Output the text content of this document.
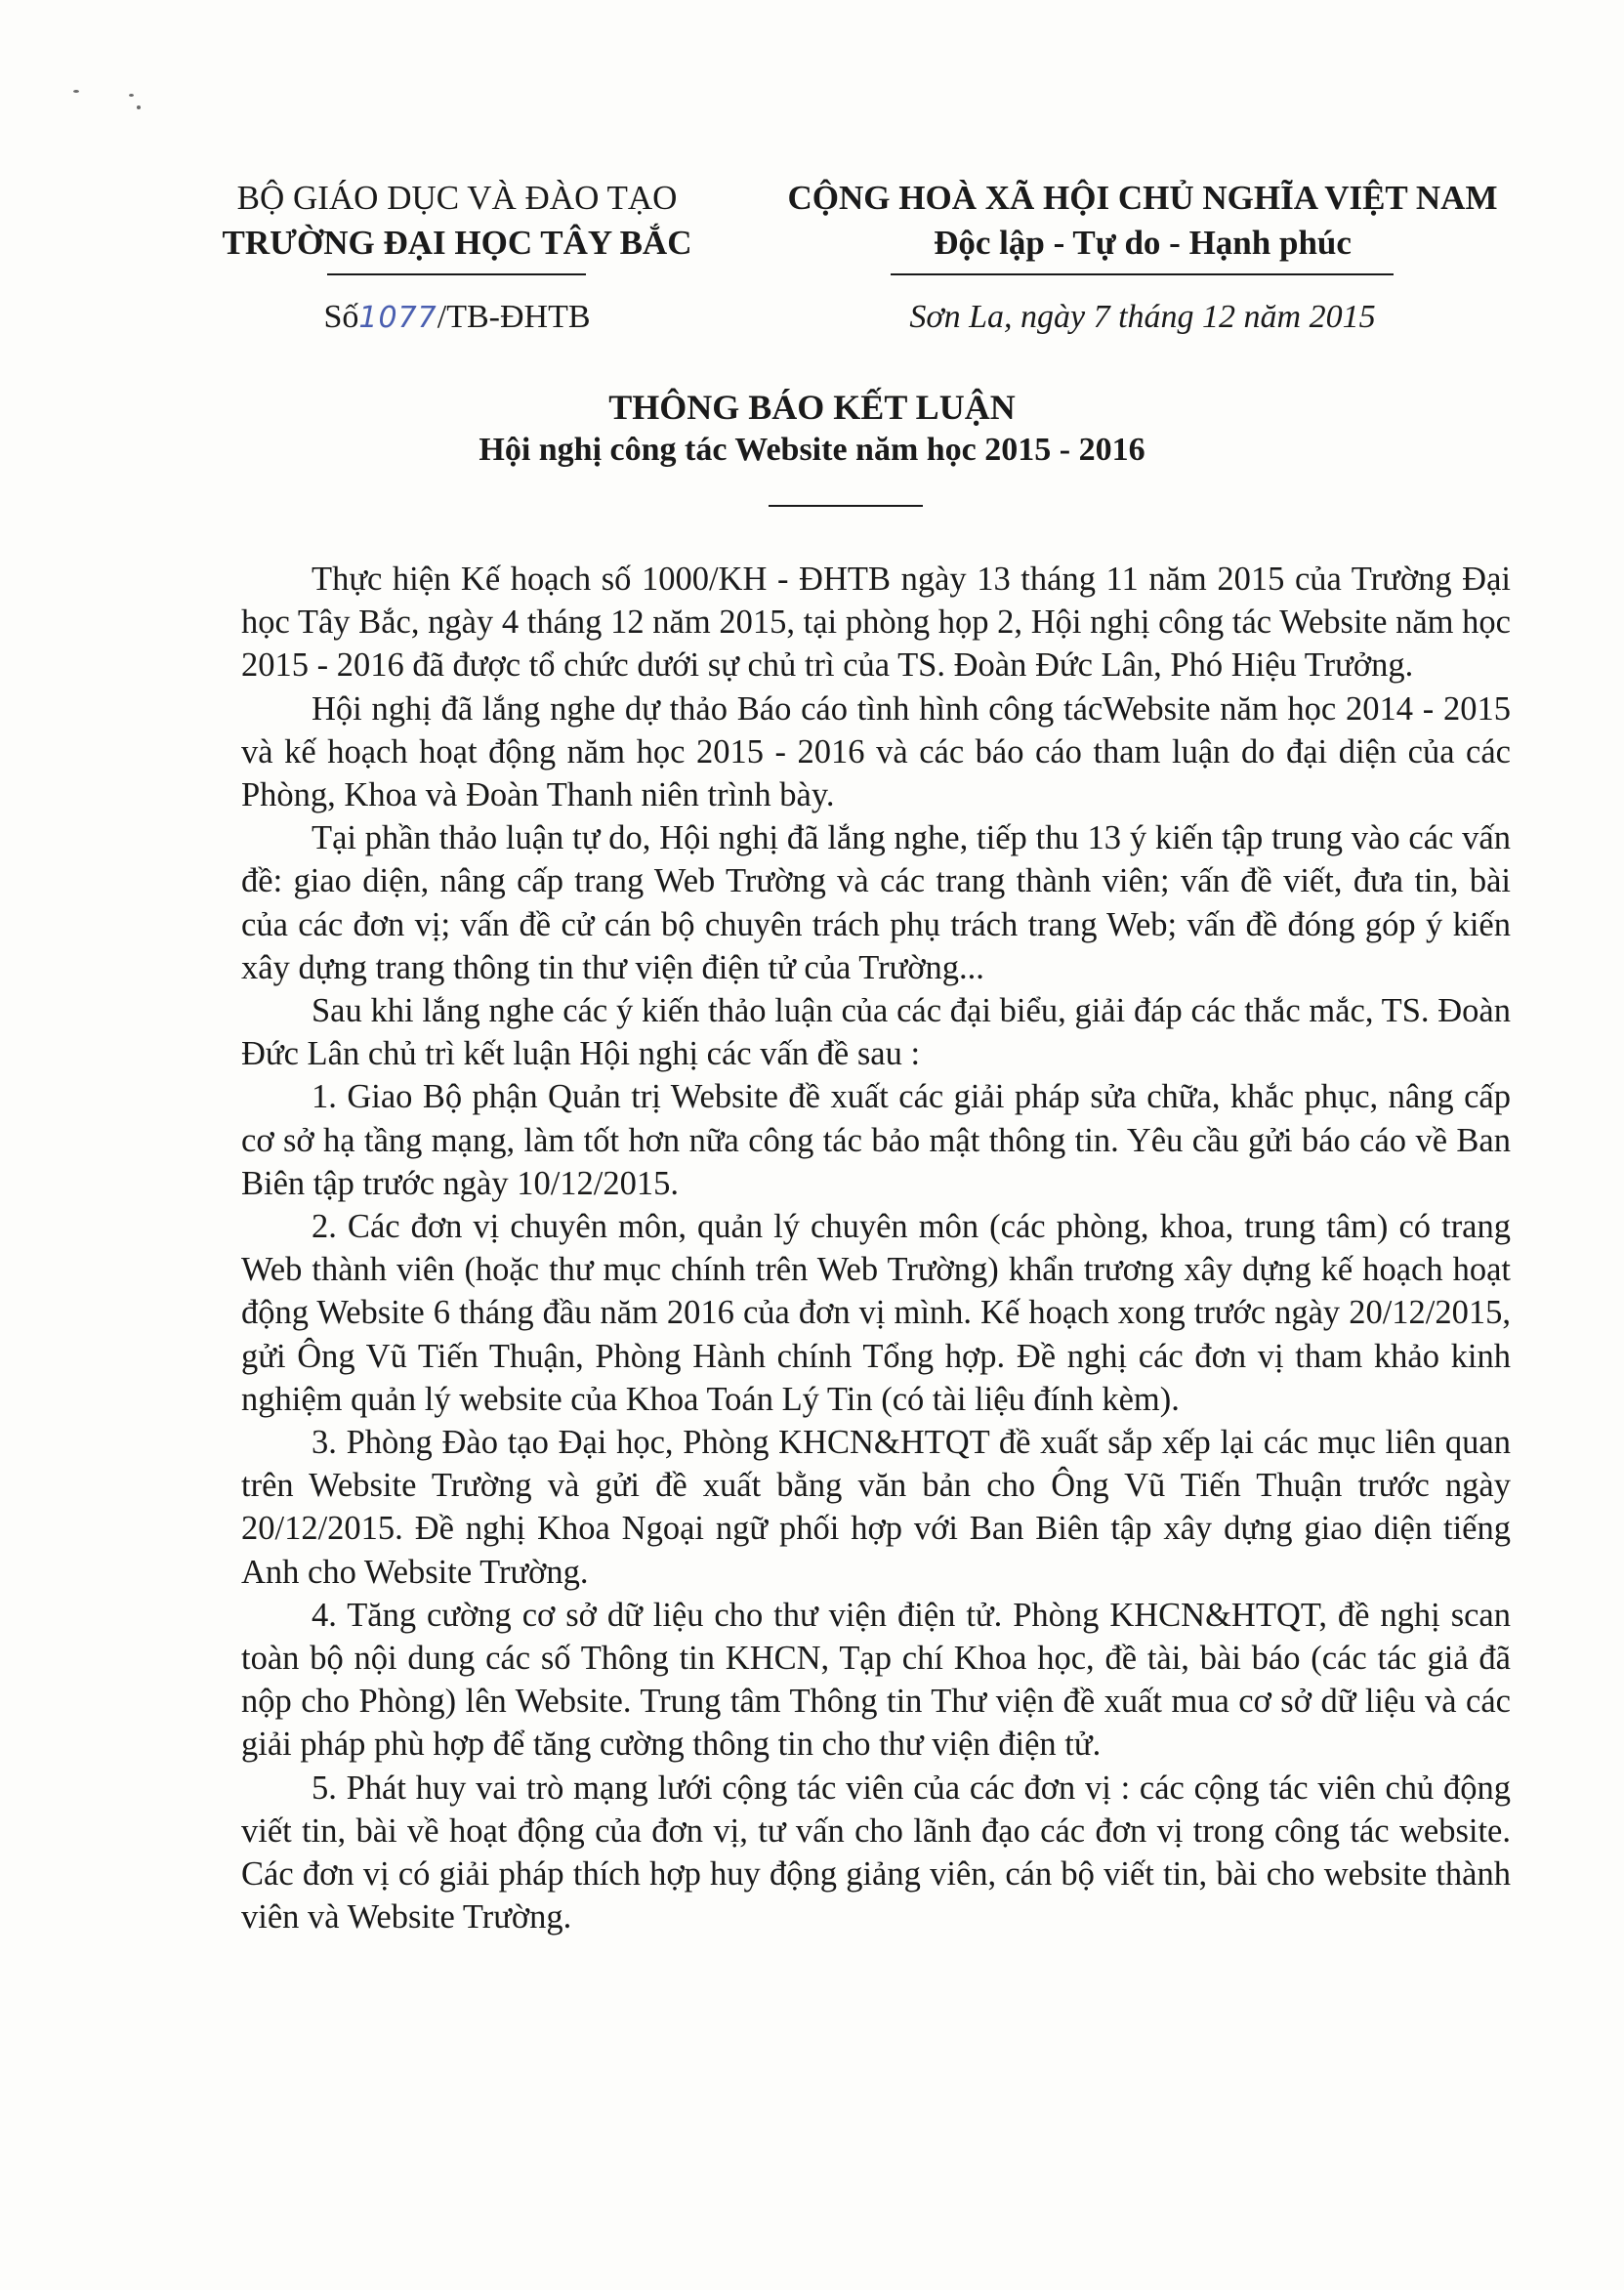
BỘ GIÁO DỤC VÀ ĐÀO TẠO
TRƯỜNG ĐẠI HỌC TÂY BẮC
CỘNG HOÀ XÃ HỘI CHỦ NGHĨA VIỆT NAM
Độc lập - Tự do - Hạnh phúc
Số1077/TB-ĐHTB	Sơn La, ngày 7 tháng 12 năm 2015
THÔNG BÁO KẾT LUẬN
Hội nghị công tác Website năm học 2015 - 2016

Thực hiện Kế hoạch số 1000/KH - ĐHTB ngày 13 tháng 11 năm 2015 của Trường Đại học Tây Bắc, ngày 4 tháng 12 năm 2015, tại phòng họp 2, Hội nghị công tác Website năm học 2015 - 2016 đã được tổ chức dưới sự chủ trì của TS. Đoàn Đức Lân, Phó Hiệu Trưởng.

Hội nghị đã lắng nghe dự thảo Báo cáo tình hình công tácWebsite năm học 2014 - 2015 và kế hoạch hoạt động năm học 2015 - 2016 và các báo cáo tham luận do đại diện của các Phòng, Khoa và Đoàn Thanh niên trình bày.

Tại phần thảo luận tự do, Hội nghị đã lắng nghe, tiếp thu 13 ý kiến tập trung vào các vấn đề: giao diện, nâng cấp trang Web Trường và các trang thành viên; vấn đề viết, đưa tin, bài của các đơn vị; vấn đề cử cán bộ chuyên trách phụ trách trang Web; vấn đề đóng góp ý kiến xây dựng trang thông tin thư viện điện tử của Trường...

Sau khi lắng nghe các ý kiến thảo luận của các đại biểu, giải đáp các thắc mắc, TS. Đoàn Đức Lân chủ trì kết luận Hội nghị các vấn đề sau :

1. Giao Bộ phận Quản trị Website đề xuất các giải pháp sửa chữa, khắc phục, nâng cấp cơ sở hạ tầng mạng, làm tốt hơn nữa công tác bảo mật thông tin. Yêu cầu gửi báo cáo về Ban Biên tập trước ngày 10/12/2015.

2. Các đơn vị chuyên môn, quản lý chuyên môn (các phòng, khoa, trung tâm) có trang Web thành viên (hoặc thư mục chính trên Web Trường) khẩn trương xây dựng kế hoạch hoạt động Website 6 tháng đầu năm 2016 của đơn vị mình. Kế hoạch xong trước ngày 20/12/2015, gửi Ông Vũ Tiến Thuận, Phòng Hành chính Tổng hợp. Đề nghị các đơn vị tham khảo kinh nghiệm quản lý website của Khoa Toán Lý Tin (có tài liệu đính kèm).

3. Phòng Đào tạo Đại học, Phòng KHCN&HTQT đề xuất sắp xếp lại các mục liên quan trên Website Trường và gửi đề xuất bằng văn bản cho Ông Vũ Tiến Thuận trước ngày 20/12/2015. Đề nghị Khoa Ngoại ngữ phối hợp với Ban Biên tập xây dựng giao diện tiếng Anh cho Website Trường.

4. Tăng cường cơ sở dữ liệu cho thư viện điện tử. Phòng KHCN&HTQT, đề nghị scan toàn bộ nội dung các số Thông tin KHCN, Tạp chí Khoa học, đề tài, bài báo (các tác giả đã nộp cho Phòng) lên Website. Trung tâm Thông tin Thư viện đề xuất mua cơ sở dữ liệu và các giải pháp phù hợp để tăng cường thông tin cho thư viện điện tử.

5. Phát huy vai trò mạng lưới cộng tác viên của các đơn vị : các cộng tác viên chủ động viết tin, bài về hoạt động của đơn vị, tư vấn cho lãnh đạo các đơn vị trong công tác website. Các đơn vị có giải pháp thích hợp huy động giảng viên, cán bộ viết tin, bài cho website thành viên và Website Trường.
